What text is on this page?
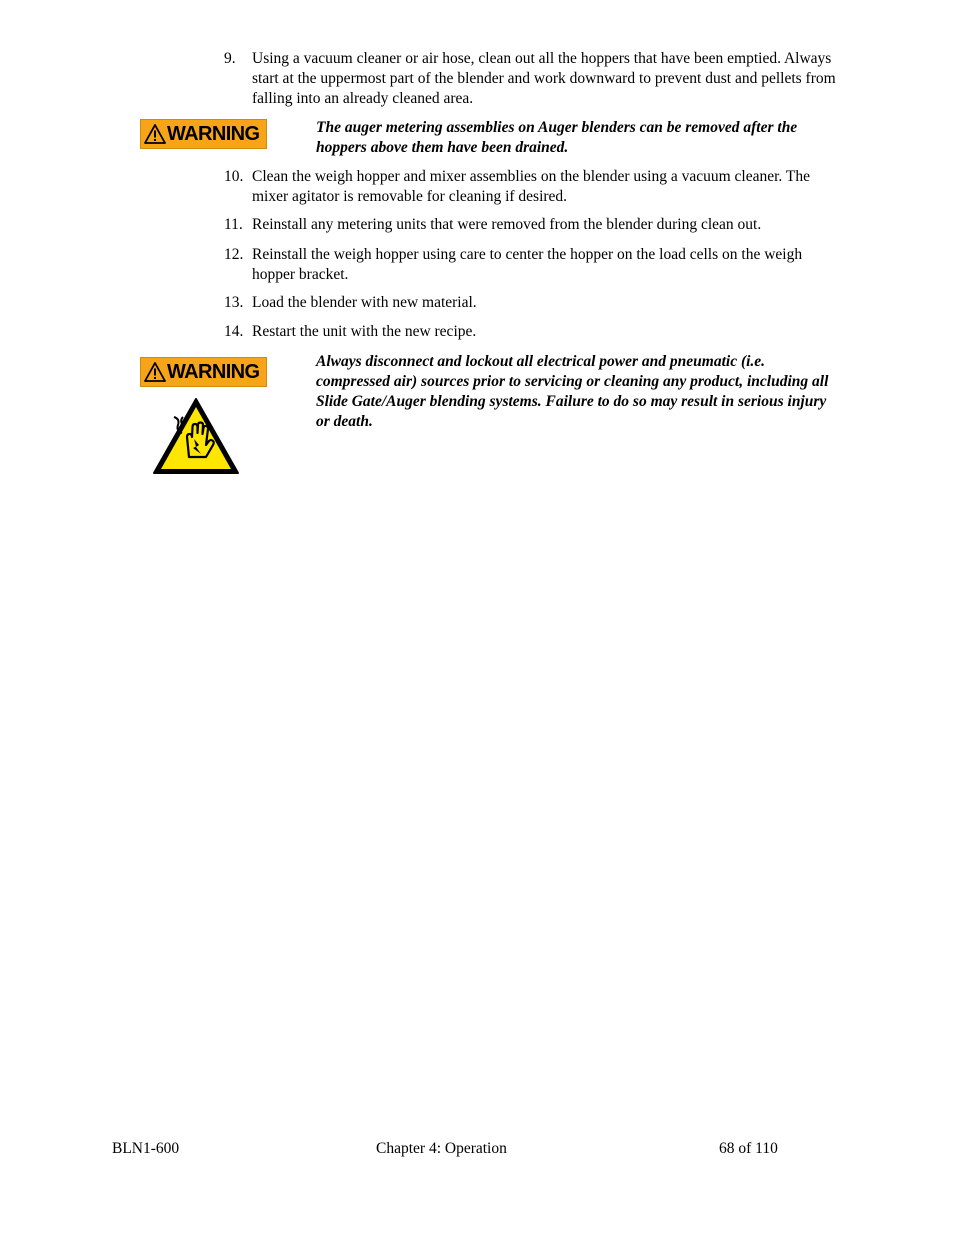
9. Using a vacuum cleaner or air hose, clean out all the hoppers that have been emptied. Always start at the uppermost part of the blender and work downward to prevent dust and pellets from falling into an already cleaned area.
WARNING	The auger metering assemblies on Auger blenders can be removed after the hoppers above them have been drained.
10. Clean the weigh hopper and mixer assemblies on the blender using a vacuum cleaner. The mixer agitator is removable for cleaning if desired.
11. Reinstall any metering units that were removed from the blender during clean out.
12. Reinstall the weigh hopper using care to center the hopper on the load cells on the weigh hopper bracket.
13. Load the blender with new material.
14. Restart the unit with the new recipe.
WARNING	Always disconnect and lockout all electrical power and pneumatic (i.e. compressed air) sources prior to servicing or cleaning any product, including all Slide Gate/Auger blending systems. Failure to do so may result in serious injury or death.
BLN1-600	Chapter 4: Operation	68 of 110
